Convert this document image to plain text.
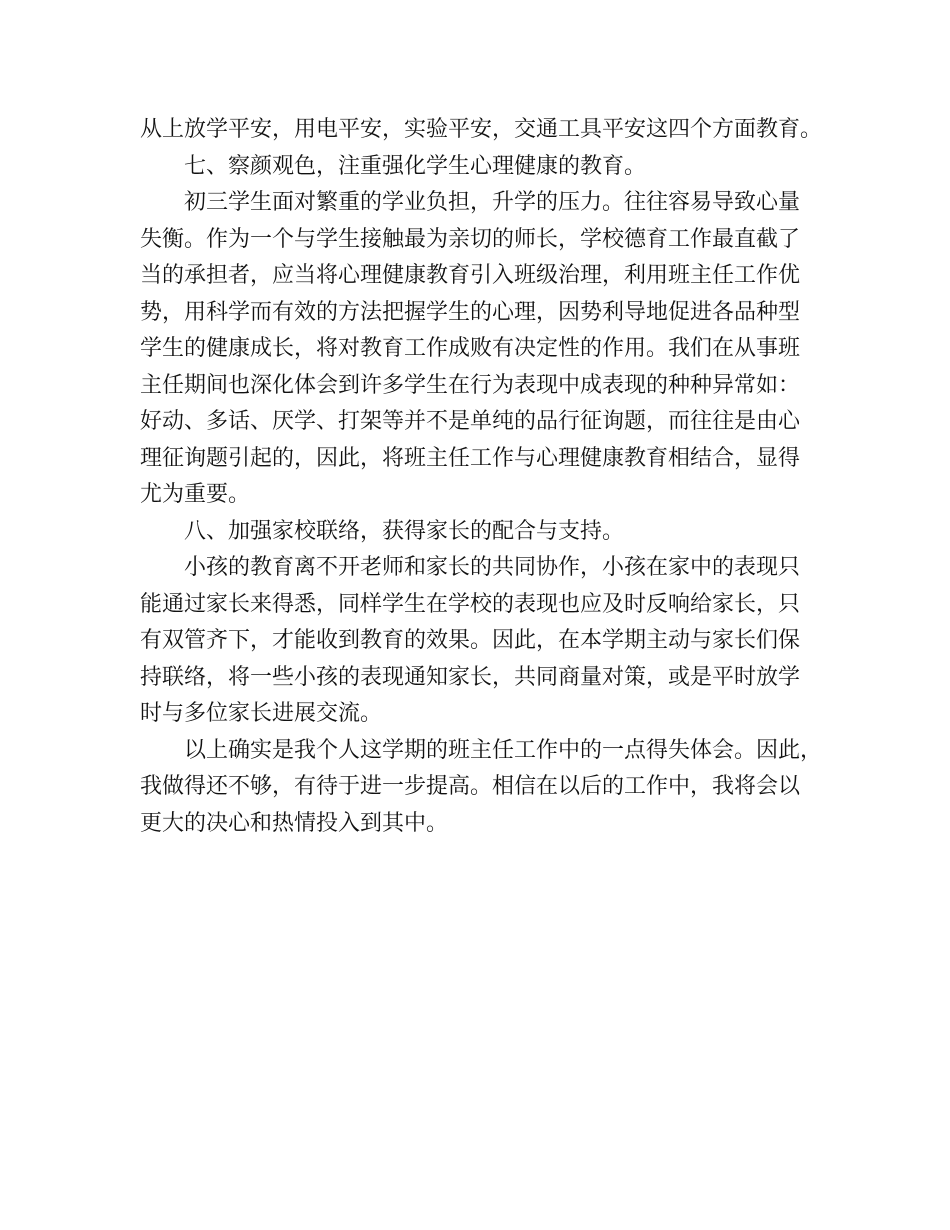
从上放学平安，用电平安，实验平安，交通工具平安这四个方面教育。
七、察颜观色，注重强化学生心理健康的教育。
初三学生面对繁重的学业负担，升学的压力。往往容易导致心量
失衡。作为一个与学生接触最为亲切的师长，学校德育工作最直截了
当的承担者，应当将心理健康教育引入班级治理，利用班主任工作优
势，用科学而有效的方法把握学生的心理，因势利导地促进各品种型
学生的健康成长，将对教育工作成败有决定性的作用。我们在从事班
主任期间也深化体会到许多学生在行为表现中成表现的种种异常如：
好动、多话、厌学、打架等并不是单纯的品行征询题，而往往是由心
理征询题引起的，因此，将班主任工作与心理健康教育相结合，显得
尤为重要。
八、加强家校联络，获得家长的配合与支持。
小孩的教育离不开老师和家长的共同协作，小孩在家中的表现只
能通过家长来得悉，同样学生在学校的表现也应及时反响给家长，只
有双管齐下，才能收到教育的效果。因此，在本学期主动与家长们保
持联络，将一些小孩的表现通知家长，共同商量对策，或是平时放学
时与多位家长进展交流。
以上确实是我个人这学期的班主任工作中的一点得失体会。因此，
我做得还不够，有待于进一步提高。相信在以后的工作中，我将会以
更大的决心和热情投入到其中。
